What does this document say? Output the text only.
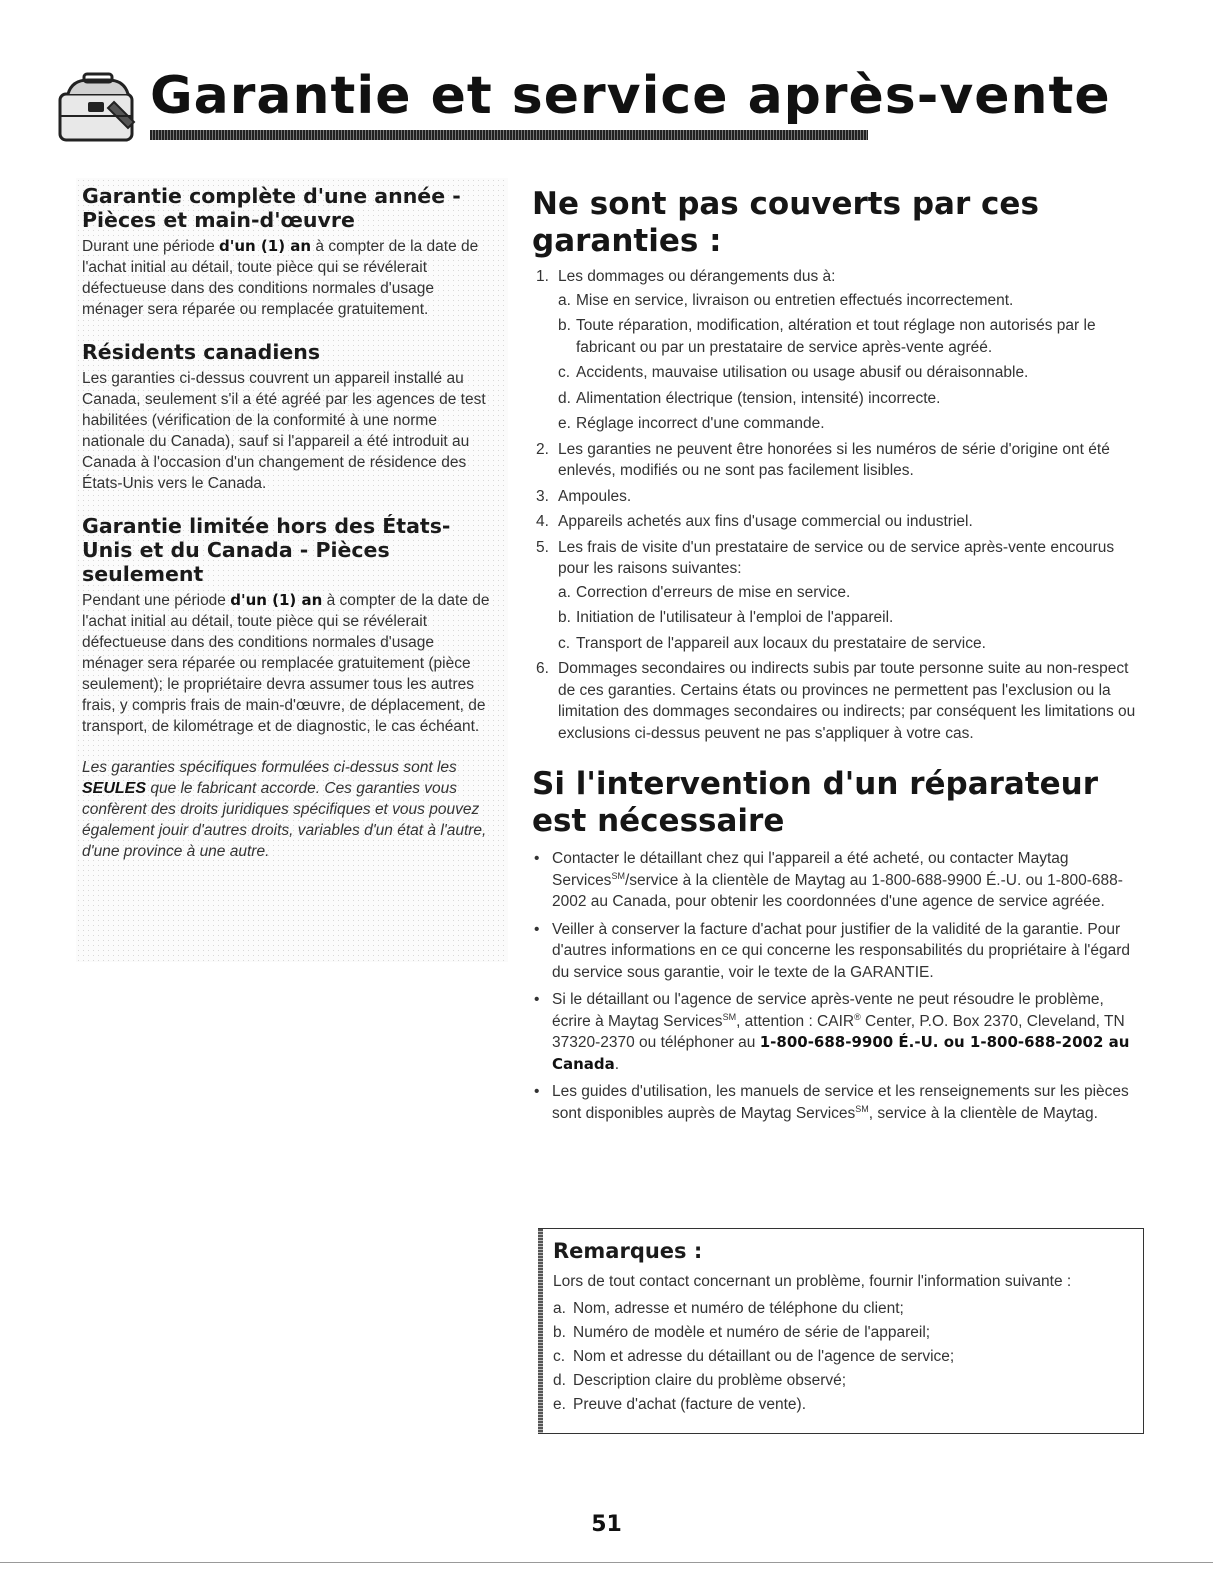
Garantie et service après-vente
Garantie complète d'une année - Pièces et main-d'œuvre

Durant une période d'un (1) an à compter de la date de l'achat initial au détail, toute pièce qui se révélerait défectueuse dans des conditions normales d'usage ménager sera réparée ou remplacée gratuitement.

Résidents canadiens

Les garanties ci-dessus couvrent un appareil installé au Canada, seulement s'il a été agréé par les agences de test habilitées (vérification de la conformité à une norme nationale du Canada), sauf si l'appareil a été introduit au Canada à l'occasion d'un changement de résidence des États-Unis vers le Canada.

Garantie limitée hors des États-Unis et du Canada - Pièces seulement

Pendant une période d'un (1) an à compter de la date de l'achat initial au détail, toute pièce qui se révélerait défectueuse dans des conditions normales d'usage ménager sera réparée ou remplacée gratuitement (pièce seulement); le propriétaire devra assumer tous les autres frais, y compris frais de main-d'œuvre, de déplacement, de transport, de kilométrage et de diagnostic, le cas échéant.

Les garanties spécifiques formulées ci-dessus sont les SEULES que le fabricant accorde. Ces garanties vous confèrent des droits juridiques spécifiques et vous pouvez également jouir d'autres droits, variables d'un état à l'autre, d'une province à une autre.

Ne sont pas couverts par ces garanties :
1. Les dommages ou dérangements dus à:
a. Mise en service, livraison ou entretien effectués incorrectement.
b. Toute réparation, modification, altération et tout réglage non autorisés par le fabricant ou par un prestataire de service après-vente agréé.
c. Accidents, mauvaise utilisation ou usage abusif ou déraisonnable.
d. Alimentation électrique (tension, intensité) incorrecte.
e. Réglage incorrect d'une commande.
2. Les garanties ne peuvent être honorées si les numéros de série d'origine ont été enlevés, modifiés ou ne sont pas facilement lisibles.
3. Ampoules.
4. Appareils achetés aux fins d'usage commercial ou industriel.
5. Les frais de visite d'un prestataire de service ou de service après-vente encourus pour les raisons suivantes:
a. Correction d'erreurs de mise en service.
b. Initiation de l'utilisateur à l'emploi de l'appareil.
c. Transport de l'appareil aux locaux du prestataire de service.
6. Dommages secondaires ou indirects subis par toute personne suite au non-respect de ces garanties. Certains états ou provinces ne permettent pas l'exclusion ou la limitation des dommages secondaires ou indirects; par conséquent les limitations ou exclusions ci-dessus peuvent ne pas s'appliquer à votre cas.
Si l'intervention d'un réparateur est nécessaire
• Contacter le détaillant chez qui l'appareil a été acheté, ou contacter Maytag Services℠/service à la clientèle de Maytag au 1-800-688-9900 É.-U. ou 1-800-688-2002 au Canada, pour obtenir les coordonnées d'une agence de service agréée.
• Veiller à conserver la facture d'achat pour justifier de la validité de la garantie. Pour d'autres informations en ce qui concerne les responsabilités du propriétaire à l'égard du service sous garantie, voir le texte de la GARANTIE.
• Si le détaillant ou l'agence de service après-vente ne peut résoudre le problème, écrire à Maytag Services℠, attention : CAIR® Center, P.O. Box 2370, Cleveland, TN 37320-2370 ou téléphoner au 1-800-688-9900 É.-U. ou 1-800-688-2002 au Canada.
• Les guides d'utilisation, les manuels de service et les renseignements sur les pièces sont disponibles auprès de Maytag Services℠, service à la clientèle de Maytag.
Remarques :

Lors de tout contact concernant un problème, fournir l'information suivante :

a. Nom, adresse et numéro de téléphone du client;
b. Numéro de modèle et numéro de série de l'appareil;
c. Nom et adresse du détaillant ou de l'agence de service;
d. Description claire du problème observé;
e. Preuve d'achat (facture de vente).
51
